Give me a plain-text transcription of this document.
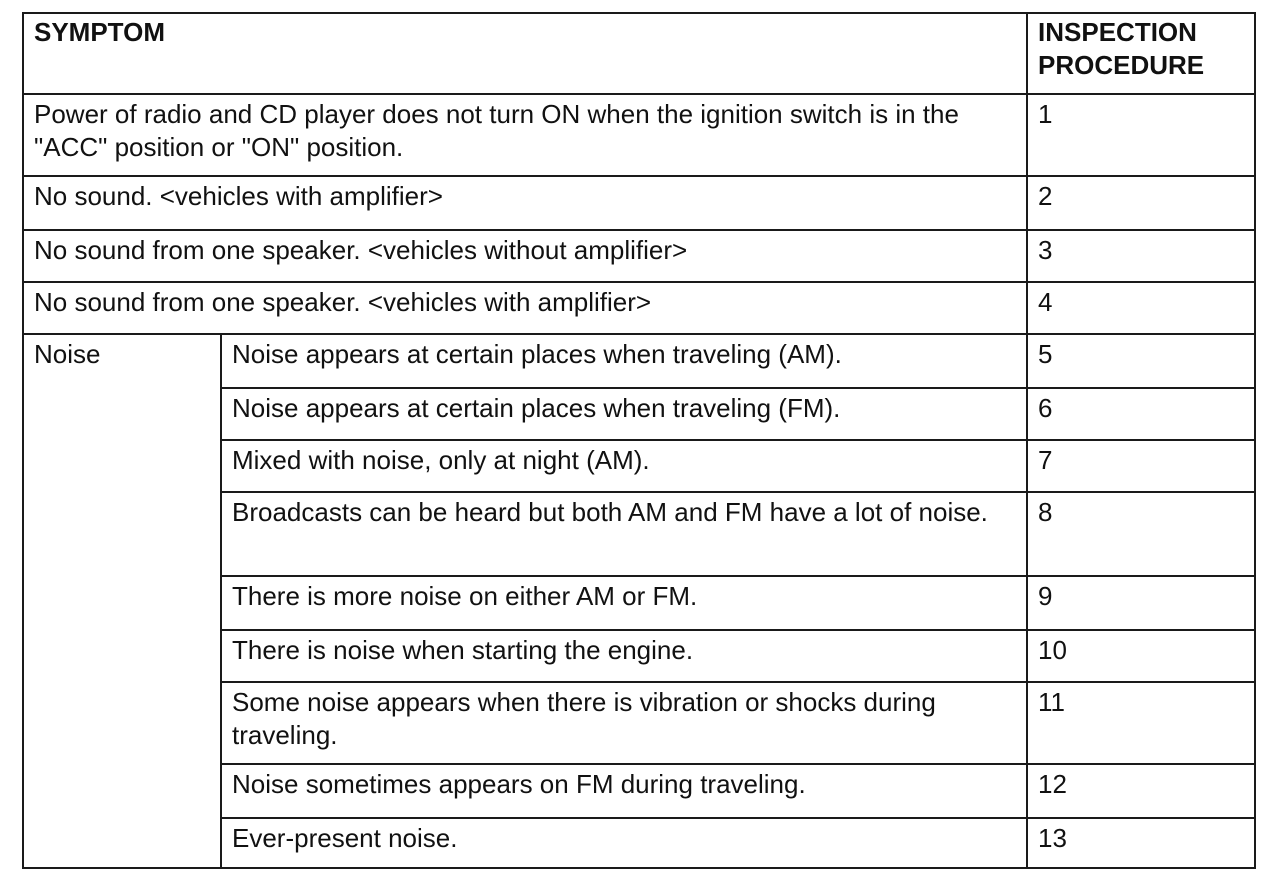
SYMPTOM		INSPECTION
PROCEDURE
Power of radio and CD player does not turn ON when the ignition switch is in the "ACC" position or "ON" position.		1
No sound. <vehicles with amplifier>		2
No sound from one speaker. <vehicles without amplifier>		3
No sound from one speaker. <vehicles with amplifier>		4
Noise	Noise appears at certain places when traveling (AM).	5
	Noise appears at certain places when traveling (FM).	6
	Mixed with noise, only at night (AM).	7
	Broadcasts can be heard but both AM and FM have a lot of noise.	8
	There is more noise on either AM or FM.	9
	There is noise when starting the engine.	10
	Some noise appears when there is vibration or shocks during traveling.	11
	Noise sometimes appears on FM during traveling.	12
	Ever-present noise.	13
